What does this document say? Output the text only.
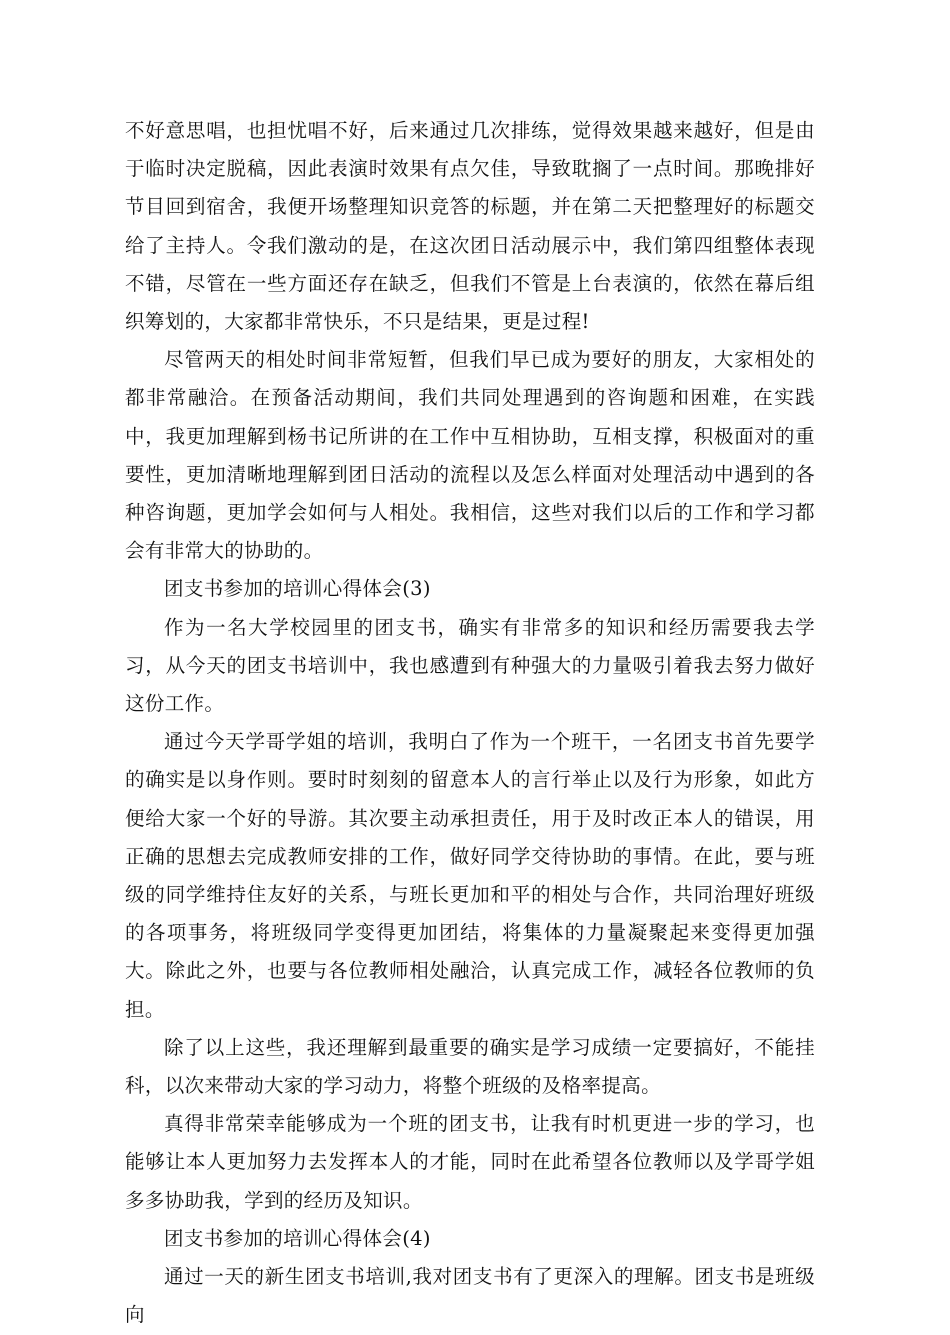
不好意思唱，也担忧唱不好，后来通过几次排练，觉得效果越来越好，但是由于临时决定脱稿，因此表演时效果有点欠佳，导致耽搁了一点时间。那晚排好节目回到宿舍，我便开场整理知识竞答的标题，并在第二天把整理好的标题交给了主持人。令我们激动的是，在这次团日活动展示中，我们第四组整体表现不错，尽管在一些方面还存在缺乏，但我们不管是上台表演的，依然在幕后组织筹划的，大家都非常快乐，不只是结果，更是过程!

尽管两天的相处时间非常短暂，但我们早已成为要好的朋友，大家相处的都非常融洽。在预备活动期间，我们共同处理遇到的咨询题和困难，在实践中，我更加理解到杨书记所讲的在工作中互相协助，互相支撑，积极面对的重要性，更加清晰地理解到团日活动的流程以及怎么样面对处理活动中遇到的各种咨询题，更加学会如何与人相处。我相信，这些对我们以后的工作和学习都会有非常大的协助的。

团支书参加的培训心得体会(3)

作为一名大学校园里的团支书，确实有非常多的知识和经历需要我去学习，从今天的团支书培训中，我也感遭到有种强大的力量吸引着我去努力做好这份工作。

通过今天学哥学姐的培训，我明白了作为一个班干，一名团支书首先要学的确实是以身作则。要时时刻刻的留意本人的言行举止以及行为形象，如此方便给大家一个好的导游。其次要主动承担责任，用于及时改正本人的错误，用正确的思想去完成教师安排的工作，做好同学交待协助的事情。在此，要与班级的同学维持住友好的关系，与班长更加和平的相处与合作，共同治理好班级的各项事务，将班级同学变得更加团结，将集体的力量凝聚起来变得更加强大。除此之外，也要与各位教师相处融洽，认真完成工作，减轻各位教师的负担。

除了以上这些，我还理解到最重要的确实是学习成绩一定要搞好，不能挂科，以次来带动大家的学习动力，将整个班级的及格率提高。

真得非常荣幸能够成为一个班的团支书，让我有时机更进一步的学习，也能够让本人更加努力去发挥本人的才能，同时在此希望各位教师以及学哥学姐多多协助我，学到的经历及知识。

团支书参加的培训心得体会(4)

通过一天的新生团支书培训,我对团支书有了更深入的理解。团支书是班级向
